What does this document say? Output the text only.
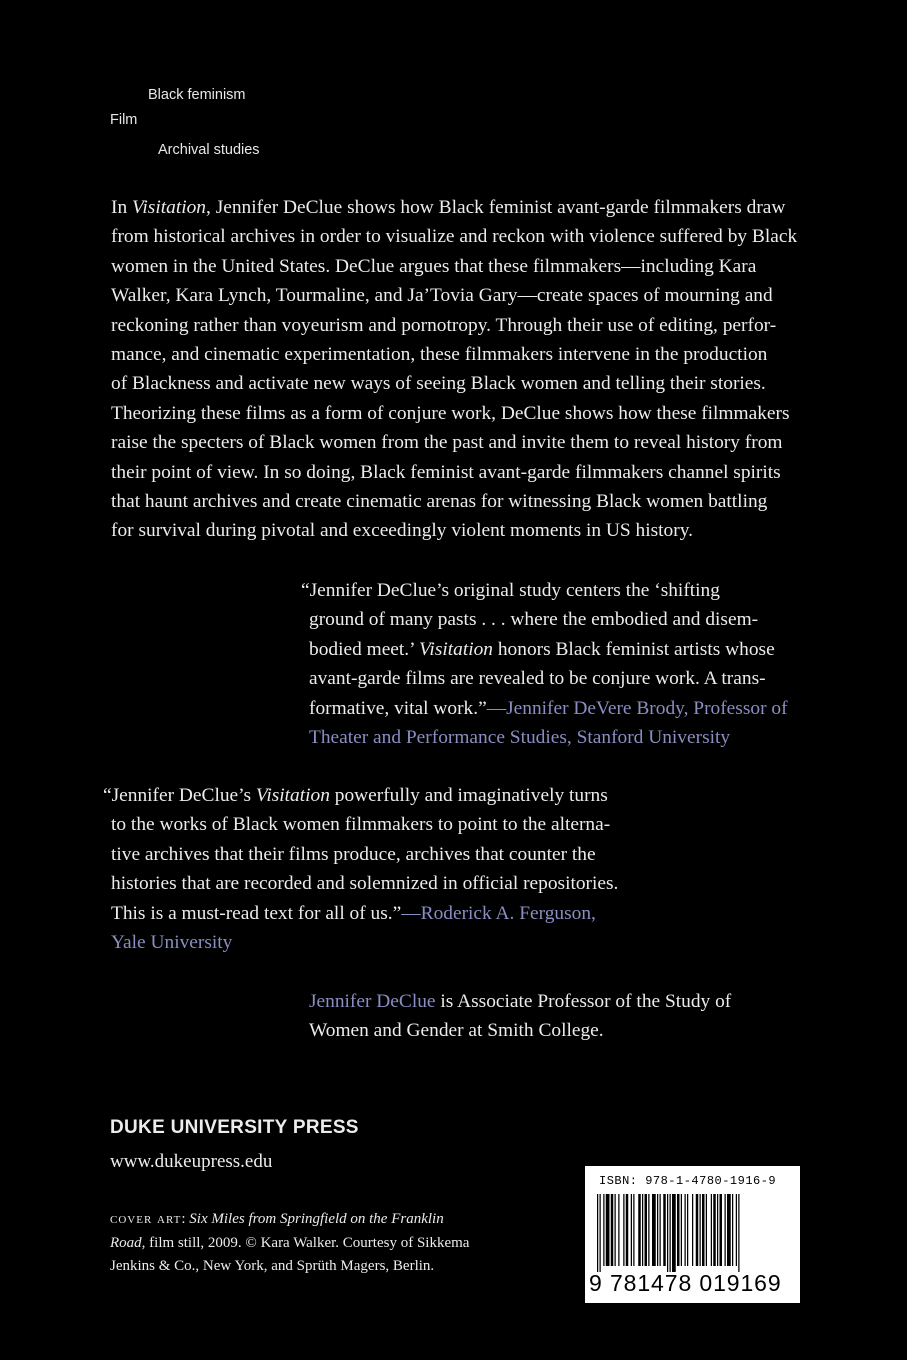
Black feminism
Film
Archival studies
In Visitation, Jennifer DeClue shows how Black feminist avant-garde filmmakers draw
from historical archives in order to visualize and reckon with violence suffered by Black
women in the United States. DeClue argues that these filmmakers—including Kara
Walker, Kara Lynch, Tourmaline, and Ja’Tovia Gary—create spaces of mourning and
reckoning rather than voyeurism and pornotropy. Through their use of editing, perfor-
mance, and cinematic experimentation, these filmmakers intervene in the production
of Blackness and activate new ways of seeing Black women and telling their stories.
Theorizing these films as a form of conjure work, DeClue shows how these filmmakers
raise the specters of Black women from the past and invite them to reveal history from
their point of view. In so doing, Black feminist avant-garde filmmakers channel spirits
that haunt archives and create cinematic arenas for witnessing Black women battling
for survival during pivotal and exceedingly violent moments in US history.
“Jennifer DeClue’s original study centers the ‘shifting
ground of many pasts . . . where the embodied and disem-
bodied meet.’ Visitation honors Black feminist artists whose
avant-garde films are revealed to be conjure work. A trans-
formative, vital work.”—Jennifer DeVere Brody, Professor of
Theater and Performance Studies, Stanford University
“Jennifer DeClue’s Visitation powerfully and imaginatively turns
to the works of Black women filmmakers to point to the alterna-
tive archives that their films produce, archives that counter the
histories that are recorded and solemnized in official repositories.
This is a must-read text for all of us.”—Roderick A. Ferguson,
Yale University
Jennifer DeClue is Associate Professor of the Study of
Women and Gender at Smith College.
DUKE UNIVERSITY PRESS
www.dukeupress.edu
cover art: Six Miles from Springfield on the Franklin
Road, film still, 2009. © Kara Walker. Courtesy of Sikkema
Jenkins & Co., New York, and Sprüth Magers, Berlin.
ISBN: 978-1-4780-1916-9
9 781478 019169
